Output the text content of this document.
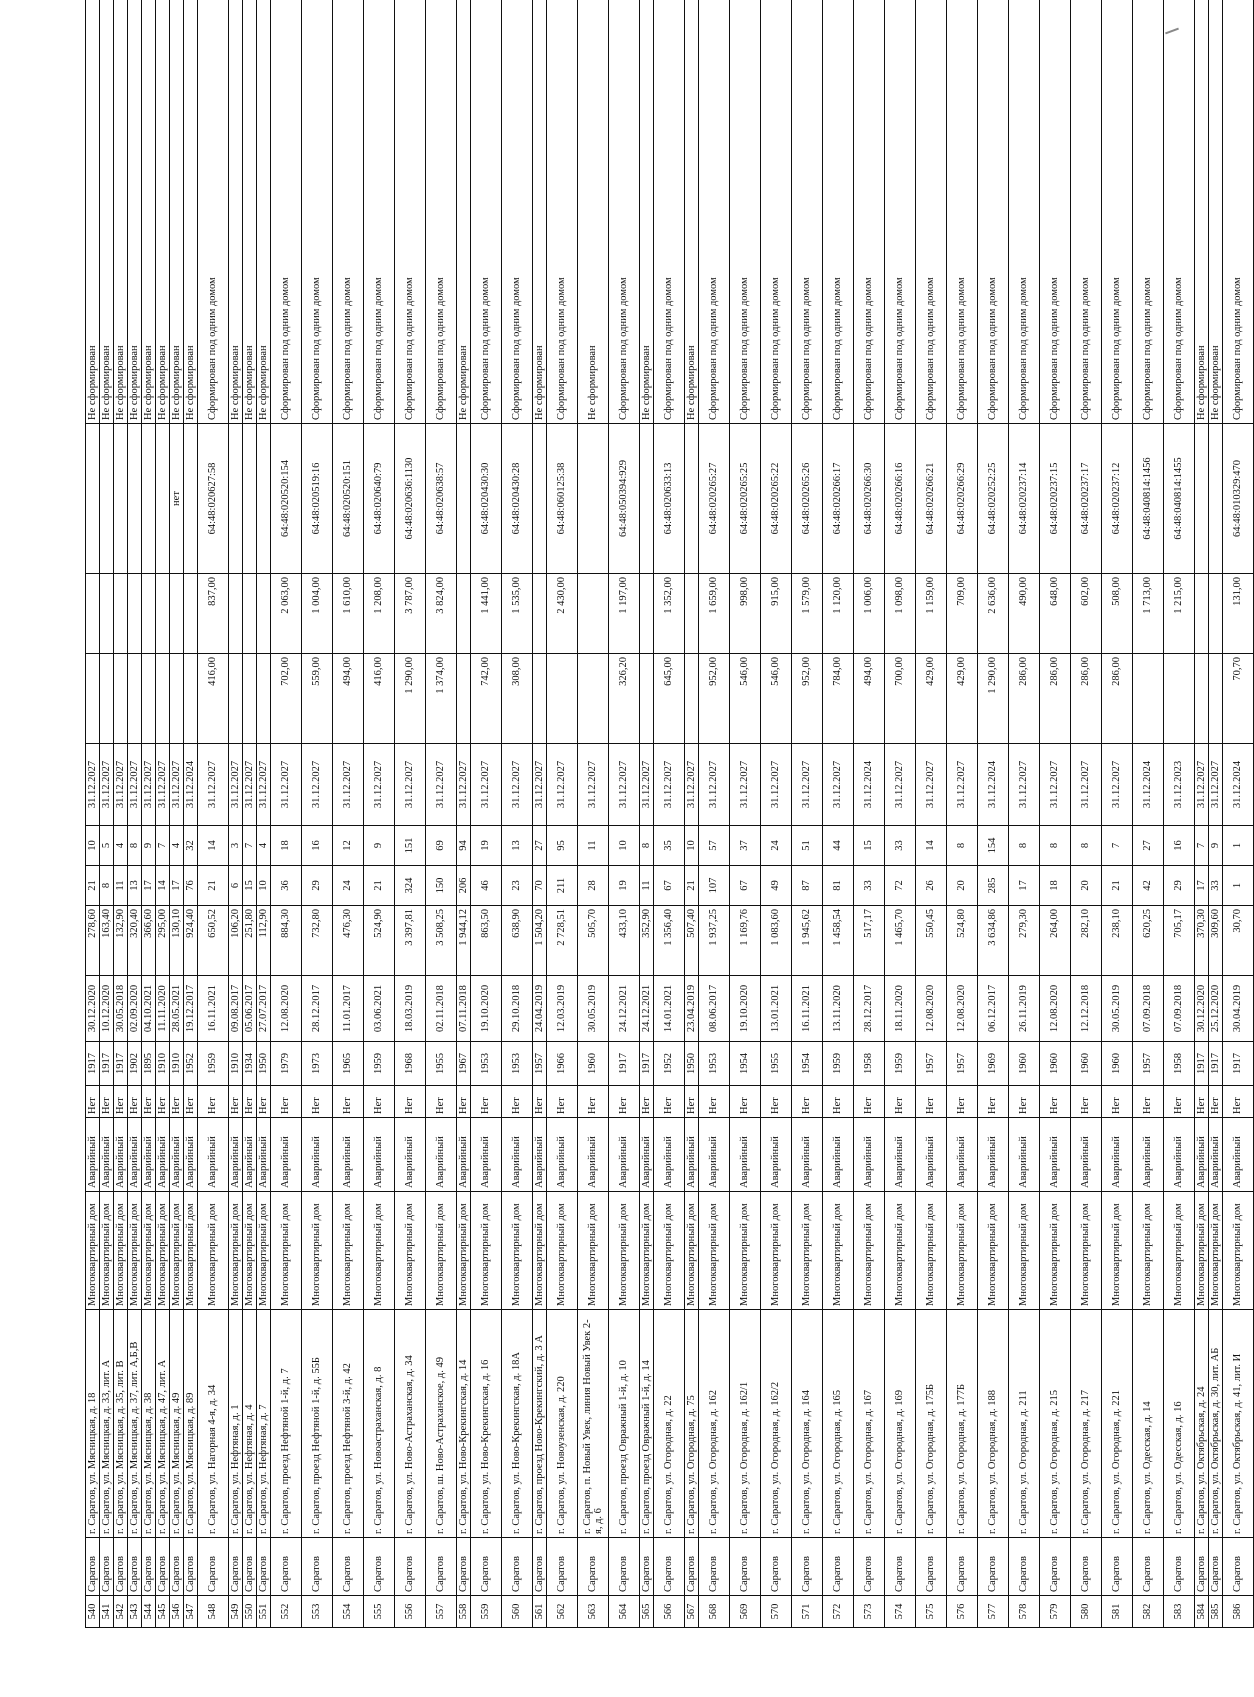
540	Саратов	г. Саратов, ул. Мясницкая, д. 18	Многоквартирный дом	Аварийный	Нет	1917	30.12.2020	278,60	21	10	31.12.2027				Не сформирован
541	Саратов	г. Саратов, ул. Мясницкая, д. 33, лит. А	Многоквартирный дом	Аварийный	Нет	1917	10.12.2020	163,40	8	5	31.12.2027				Не сформирован
542	Саратов	г. Саратов, ул. Мясницкая, д. 35, лит. В	Многоквартирный дом	Аварийный	Нет	1917	30.05.2018	132,90	11	4	31.12.2027				Не сформирован
543	Саратов	г. Саратов, ул. Мясницкая, д. 37, лит. А,Б,В	Многоквартирный дом	Аварийный	Нет	1902	02.09.2020	320,40	13	8	31.12.2027				Не сформирован
544	Саратов	г. Саратов, ул. Мясницкая, д. 38	Многоквартирный дом	Аварийный	Нет	1895	04.10.2021	366,60	17	9	31.12.2027				Не сформирован
545	Саратов	г. Саратов, ул. Мясницкая, д. 47, лит. А	Многоквартирный дом	Аварийный	Нет	1910	11.11.2020	295,00	14	7	31.12.2027				Не сформирован
546	Саратов	г. Саратов, ул. Мясницкая, д. 49	Многоквартирный дом	Аварийный	Нет	1910	28.05.2021	130,10	17	4	31.12.2027			нет	Не сформирован
547	Саратов	г. Саратов, ул. Мясницкая, д. 89	Многоквартирный дом	Аварийный	Нет	1952	19.12.2017	924,40	76	32	31.12.2024				Не сформирован
548	Саратов	г. Саратов, ул. Нагорная 4-я, д. 34	Многоквартирный дом	Аварийный	Нет	1959	16.11.2021	650,52	21	14	31.12.2027	416,00	837,00	64:48:020627:58	Сформирован под одним домом
549	Саратов	г. Саратов, ул. Нефтяная, д. 1	Многоквартирный дом	Аварийный	Нет	1910	09.08.2017	106,20	6	3	31.12.2027				Не сформирован
550	Саратов	г. Саратов, ул. Нефтяная, д. 4	Многоквартирный дом	Аварийный	Нет	1934	05.06.2017	251,80	15	7	31.12.2027				Не сформирован
551	Саратов	г. Саратов, ул. Нефтяная, д. 7	Многоквартирный дом	Аварийный	Нет	1950	27.07.2017	112,90	10	4	31.12.2027				Не сформирован
552	Саратов	г. Саратов, проезд Нефтяной 1-й, д. 7	Многоквартирный дом	Аварийный	Нет	1979	12.08.2020	884,30	36	18	31.12.2027	702,00	2 063,00	64:48:020520:154	Сформирован под одним домом
553	Саратов	г. Саратов, проезд Нефтяной 1-й, д. 55Б	Многоквартирный дом	Аварийный	Нет	1973	28.12.2017	732,80	29	16	31.12.2027	559,00	1 004,00	64:48:020519:16	Сформирован под одним домом
554	Саратов	г. Саратов, проезд Нефтяной 3-й, д. 42	Многоквартирный дом	Аварийный	Нет	1965	11.01.2017	476,30	24	12	31.12.2027	494,00	1 610,00	64:48:020520:151	Сформирован под одним домом
555	Саратов	г. Саратов, ул. Новоастраханская, д. 8	Многоквартирный дом	Аварийный	Нет	1959	03.06.2021	524,90	21	9	31.12.2027	416,00	1 208,00	64:48:020640:79	Сформирован под одним домом
556	Саратов	г. Саратов, ул. Ново-Астраханская, д. 34	Многоквартирный дом	Аварийный	Нет	1968	18.03.2019	3 397,81	324	151	31.12.2027	1 290,00	3 787,00	64:48:020636:1130	Сформирован под одним домом
557	Саратов	г. Саратов, ш. Ново-Астраханское, д. 49	Многоквартирный дом	Аварийный	Нет	1955	02.11.2018	3 508,25	150	69	31.12.2027	1 374,00	3 824,00	64:48:020638:57	Сформирован под одним домом
558	Саратов	г. Саратов, ул. Ново-Крекингская, д. 14	Многоквартирный дом	Аварийный	Нет	1967	07.11.2018	1 944,12	206	94	31.12.2027				Не сформирован
559	Саратов	г. Саратов, ул. Ново-Крекингская, д. 16	Многоквартирный дом	Аварийный	Нет	1953	19.10.2020	863,50	46	19	31.12.2027	742,00	1 441,00	64:48:020430:30	Сформирован под одним домом
560	Саратов	г. Саратов, ул. Ново-Крекингская, д. 18А	Многоквартирный дом	Аварийный	Нет	1953	29.10.2018	638,90	23	13	31.12.2027	308,00	1 535,00	64:48:020430:28	Сформирован под одним домом
561	Саратов	г. Саратов, проезд Ново-Крекингский, д. 3 А	Многоквартирный дом	Аварийный	Нет	1957	24.04.2019	1 504,20	70	27	31.12.2027				Не сформирован
562	Саратов	г. Саратов, ул. Новоузенская, д. 220	Многоквартирный дом	Аварийный	Нет	1966	12.03.2019	2 728,51	211	95	31.12.2027		2 430,00	64:48:060125:38	Сформирован под одним домом
563	Саратов	г. Саратов, п. Новый Увек, линия Новый Увек 2-я, д. 6	Многоквартирный дом	Аварийный	Нет	1960	30.05.2019	505,70	28	11	31.12.2027				Не сформирован
564	Саратов	г. Саратов, проезд Овражный 1-й, д. 10	Многоквартирный дом	Аварийный	Нет	1917	24.12.2021	433,10	19	10	31.12.2027	326,20	1 197,00	64:48:050394:929	Сформирован под одним домом
565	Саратов	г. Саратов, проезд Овражный 1-й, д. 14	Многоквартирный дом	Аварийный	Нет	1917	24.12.2021	352,90	11	8	31.12.2027				Не сформирован
566	Саратов	г. Саратов, ул. Огородная, д. 22	Многоквартирный дом	Аварийный	Нет	1952	14.01.2021	1 356,40	67	35	31.12.2027	645,00	1 352,00	64:48:020633:13	Сформирован под одним домом
567	Саратов	г. Саратов, ул. Огородная, д. 75	Многоквартирный дом	Аварийный	Нет	1950	23.04.2019	507,40	21	10	31.12.2027				Не сформирован
568	Саратов	г. Саратов, ул. Огородная, д. 162	Многоквартирный дом	Аварийный	Нет	1953	08.06.2017	1 937,25	107	57	31.12.2027	952,00	1 659,00	64:48:020265:27	Сформирован под одним домом
569	Саратов	г. Саратов, ул. Огородная, д. 162/1	Многоквартирный дом	Аварийный	Нет	1954	19.10.2020	1 169,76	67	37	31.12.2027	546,00	998,00	64:48:020265:25	Сформирован под одним домом
570	Саратов	г. Саратов, ул. Огородная, д. 162/2	Многоквартирный дом	Аварийный	Нет	1955	13.01.2021	1 083,60	49	24	31.12.2027	546,00	915,00	64:48:020265:22	Сформирован под одним домом
571	Саратов	г. Саратов, ул. Огородная, д. 164	Многоквартирный дом	Аварийный	Нет	1954	16.11.2021	1 945,62	87	51	31.12.2027	952,00	1 579,00	64:48:020265:26	Сформирован под одним домом
572	Саратов	г. Саратов, ул. Огородная, д. 165	Многоквартирный дом	Аварийный	Нет	1959	13.11.2020	1 458,54	81	44	31.12.2027	784,00	1 120,00	64:48:020266:17	Сформирован под одним домом
573	Саратов	г. Саратов, ул. Огородная, д. 167	Многоквартирный дом	Аварийный	Нет	1958	28.12.2017	517,17	33	15	31.12.2024	494,00	1 006,00	64:48:020266:30	Сформирован под одним домом
574	Саратов	г. Саратов, ул. Огородная, д. 169	Многоквартирный дом	Аварийный	Нет	1959	18.11.2020	1 465,70	72	33	31.12.2027	700,00	1 098,00	64:48:020266:16	Сформирован под одним домом
575	Саратов	г. Саратов, ул. Огородная, д. 175Б	Многоквартирный дом	Аварийный	Нет	1957	12.08.2020	550,45	26	14	31.12.2027	429,00	1 159,00	64:48:020266:21	Сформирован под одним домом
576	Саратов	г. Саратов, ул. Огородная, д. 177Б	Многоквартирный дом	Аварийный	Нет	1957	12.08.2020	524,80	20	8	31.12.2027	429,00	709,00	64:48:020266:29	Сформирован под одним домом
577	Саратов	г. Саратов, ул. Огородная, д. 188	Многоквартирный дом	Аварийный	Нет	1969	06.12.2017	3 634,86	285	154	31.12.2024	1 290,00	2 636,00	64:48:020252:25	Сформирован под одним домом
578	Саратов	г. Саратов, ул. Огородная, д. 211	Многоквартирный дом	Аварийный	Нет	1960	26.11.2019	279,30	17	8	31.12.2027	286,00	490,00	64:48:020237:14	Сформирован под одним домом
579	Саратов	г. Саратов, ул. Огородная, д. 215	Многоквартирный дом	Аварийный	Нет	1960	12.08.2020	264,00	18	8	31.12.2027	286,00	648,00	64:48:020237:15	Сформирован под одним домом
580	Саратов	г. Саратов, ул. Огородная, д. 217	Многоквартирный дом	Аварийный	Нет	1960	12.12.2018	282,10	20	8	31.12.2027	286,00	602,00	64:48:020237:17	Сформирован под одним домом
581	Саратов	г. Саратов, ул. Огородная, д. 221	Многоквартирный дом	Аварийный	Нет	1960	30.05.2019	238,10	21	7	31.12.2027	286,00	508,00	64:48:020237:12	Сформирован под одним домом
582	Саратов	г. Саратов, ул. Одесская, д. 14	Многоквартирный дом	Аварийный	Нет	1957	07.09.2018	620,25	42	27	31.12.2024		1 713,00	64:48:040814:1456	Сформирован под одним домом
583	Саратов	г. Саратов, ул. Одесская, д. 16	Многоквартирный дом	Аварийный	Нет	1958	07.09.2018	705,17	29	16	31.12.2023		1 215,00	64:48:040814:1455	Сформирован под одним домом
584	Саратов	г. Саратов, ул. Октябрьская, д. 24	Многоквартирный дом	Аварийный	Нет	1917	30.12.2020	370,30	17	7	31.12.2027				Не сформирован
585	Саратов	г. Саратов, ул. Октябрьская, д. 30, лит. АБ	Многоквартирный дом	Аварийный	Нет	1917	25.12.2020	309,60	33	9	31.12.2027				Не сформирован
586	Саратов	г. Саратов, ул. Октябрьская, д. 41, лит. И	Многоквартирный дом	Аварийный	Нет	1917	30.04.2019	30,70	1	1	31.12.2024	70,70	131,00	64:48:010329:470	Сформирован под одним домом
